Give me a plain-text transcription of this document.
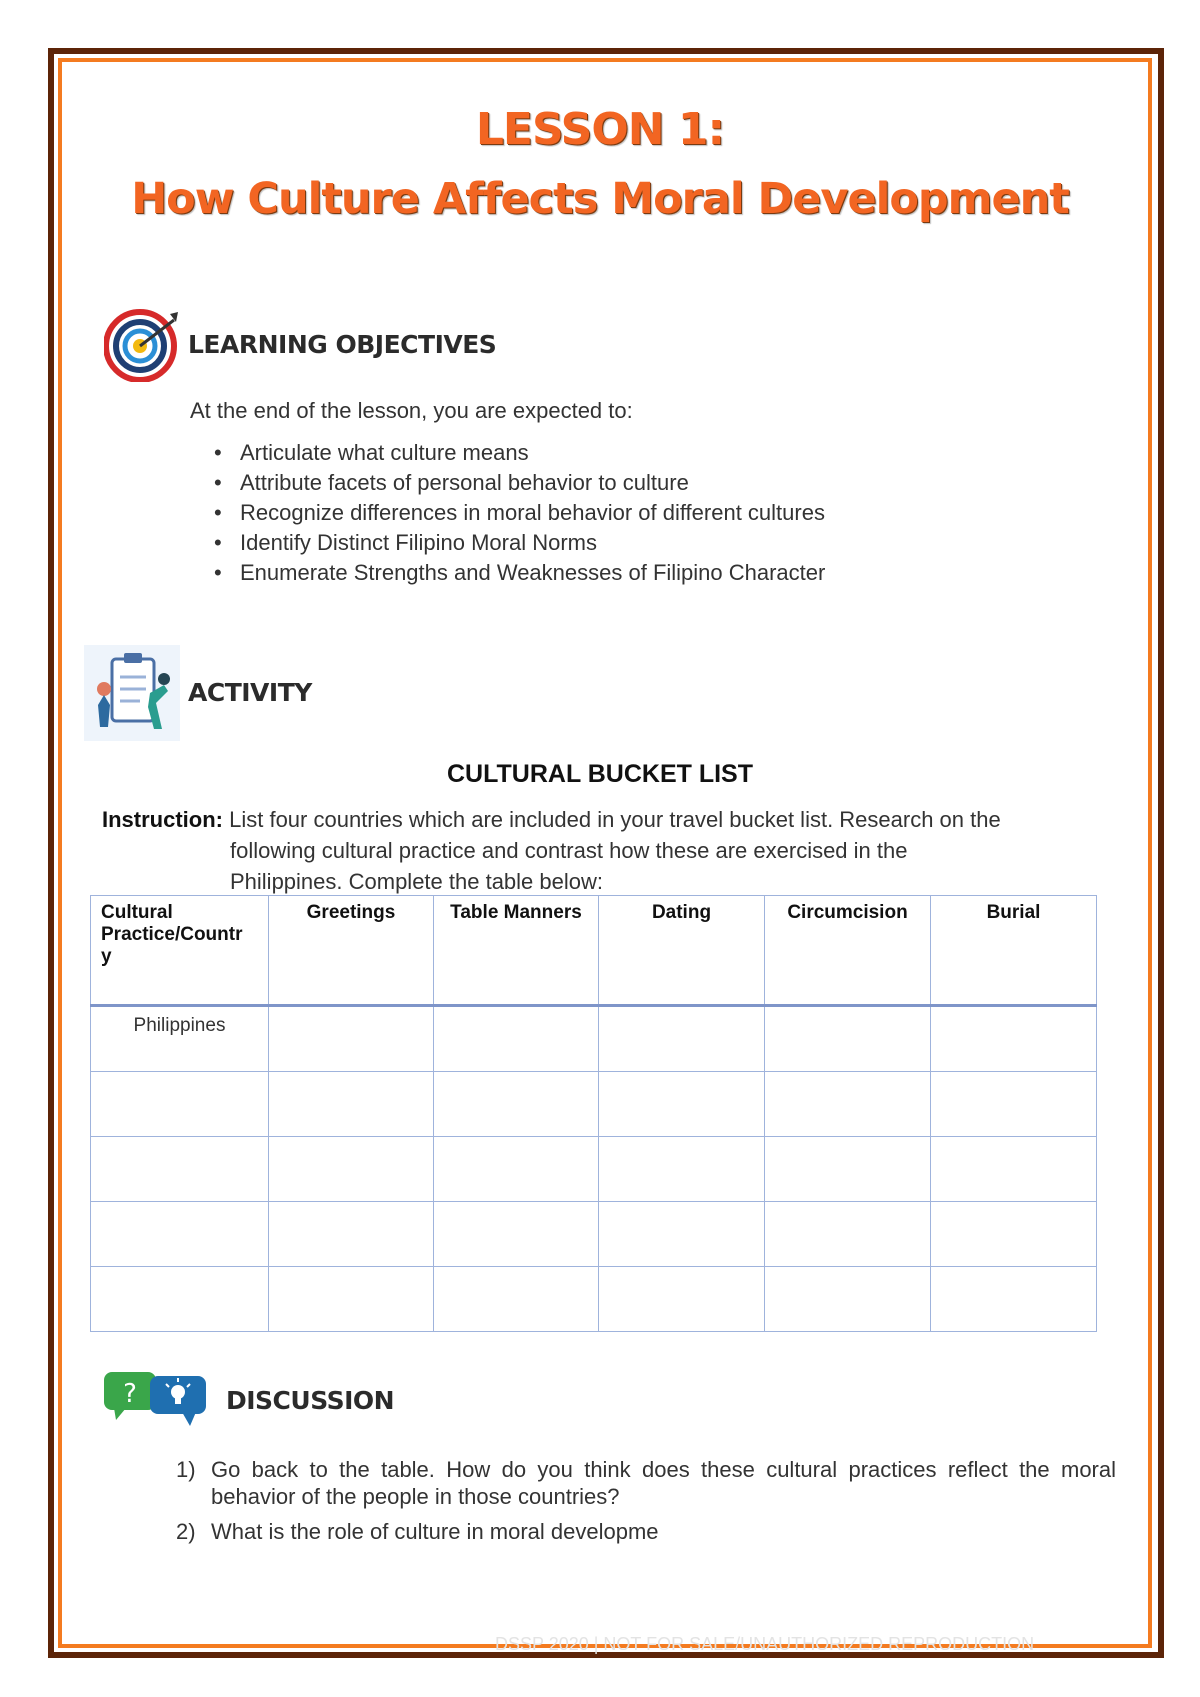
LESSON 1:
How Culture Affects Moral Development
LEARNING OBJECTIVES
At the end of the lesson, you are expected to:
• Articulate what culture means
• Attribute facets of personal behavior to culture
• Recognize differences in moral behavior of different cultures
• Identify Distinct Filipino Moral Norms
• Enumerate Strengths and Weaknesses of Filipino Character
ACTIVITY
CULTURAL BUCKET LIST
Instruction: List four countries which are included in your travel bucket list. Research on the
following cultural practice and contrast how these are exercised in the
Philippines. Complete the table below:
Cultural Practice/Countr y	Greetings	Table Manners	Dating	Circumcision	Burial
Philippines					

?	DISCUSSION
1) Go back to the table. How do you think does these cultural practices reflect the moral behavior of the people in those countries?
2) What is the role of culture in moral developme
DSSP 2020 | NOT FOR SALE/UNAUTHORIZED REPRODUCTION
